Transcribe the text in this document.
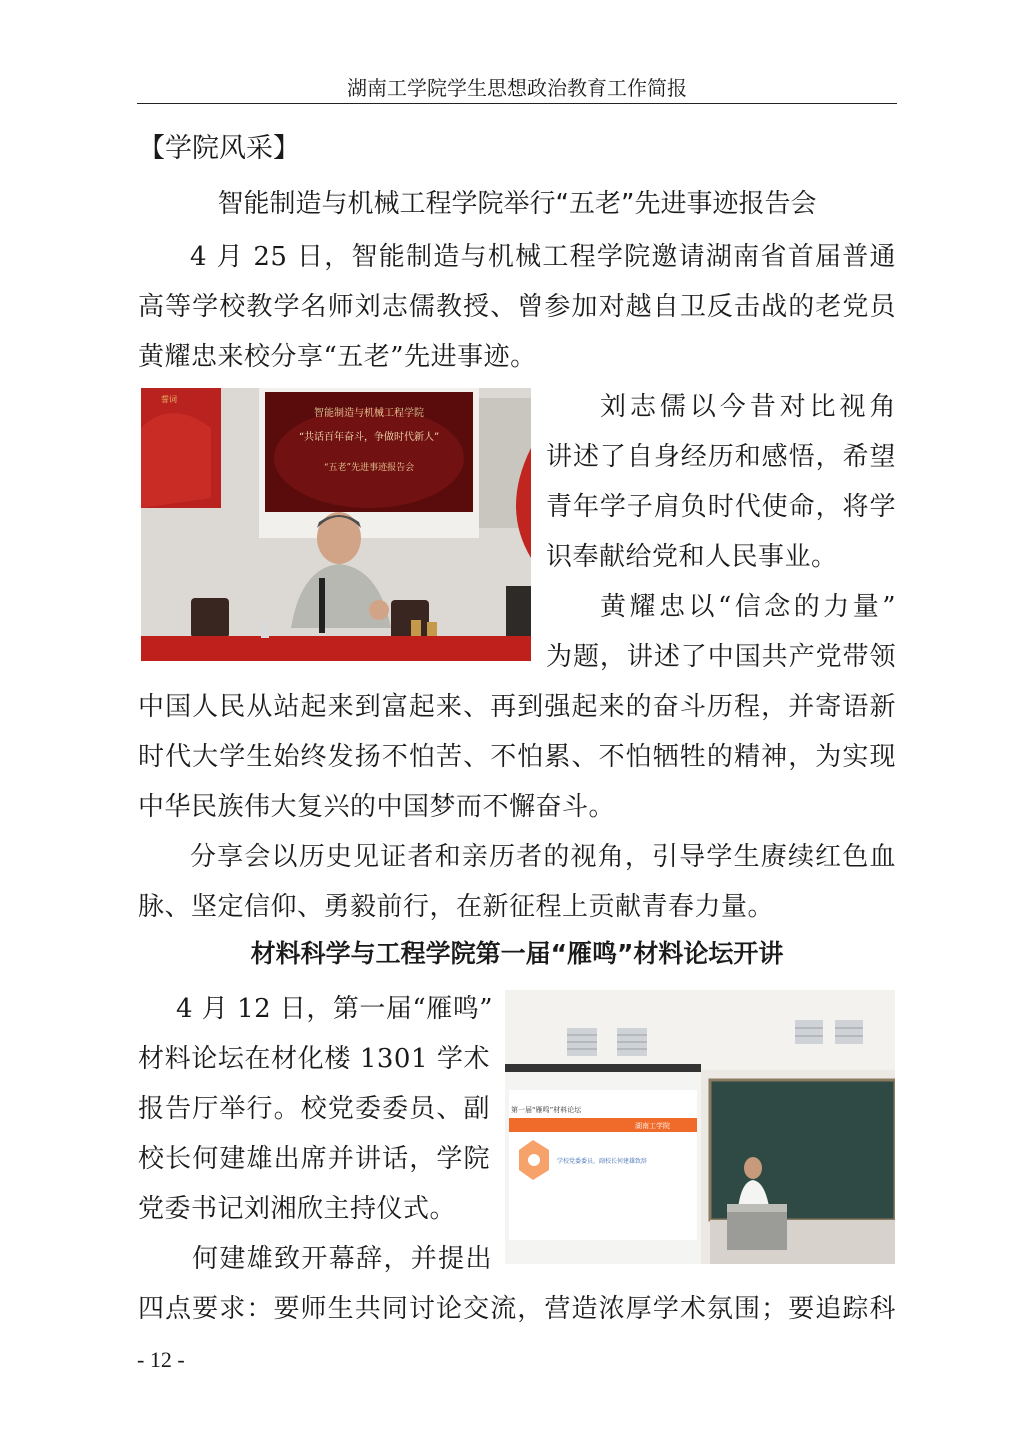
湖南工学院学生思想政治教育工作简报
【学院风采】
智能制造与机械工程学院举行“五老”先进事迹报告会
4 月 25 日，智能制造与机械工程学院邀请湖南省首届普通
高等学校教学名师刘志儒教授、曾参加对越自卫反击战的老党员
黄耀忠来校分享“五老”先进事迹。
刘志儒以今昔对比视角
讲述了自身经历和感悟，希望
青年学子肩负时代使命，将学
识奉献给党和人民事业。
黄耀忠以“信念的力量”
为题，讲述了中国共产党带领
中国人民从站起来到富起来、再到强起来的奋斗历程，并寄语新
时代大学生始终发扬不怕苦、不怕累、不怕牺牲的精神，为实现
中华民族伟大复兴的中国梦而不懈奋斗。
分享会以历史见证者和亲历者的视角，引导学生赓续红色血
脉、坚定信仰、勇毅前行，在新征程上贡献青春力量。
智能制造与机械工程学院
“共话百年奋斗，争做时代新人”
“五老”先进事迹报告会
誓词
材料科学与工程学院第一届“雁鸣”材料论坛开讲
4 月 12 日，第一届“雁鸣”
材料论坛在材化楼 1301 学术
报告厅举行。校党委委员、副
校长何建雄出席并讲话，学院
党委书记刘湘欣主持仪式。
何建雄致开幕辞，并提出
四点要求：要师生共同讨论交流，营造浓厚学术氛围；要追踪科
第一届“雁鸣”材料论坛
湖南工学院
学校党委委员，副校长何建雄致辞
- 12 -
